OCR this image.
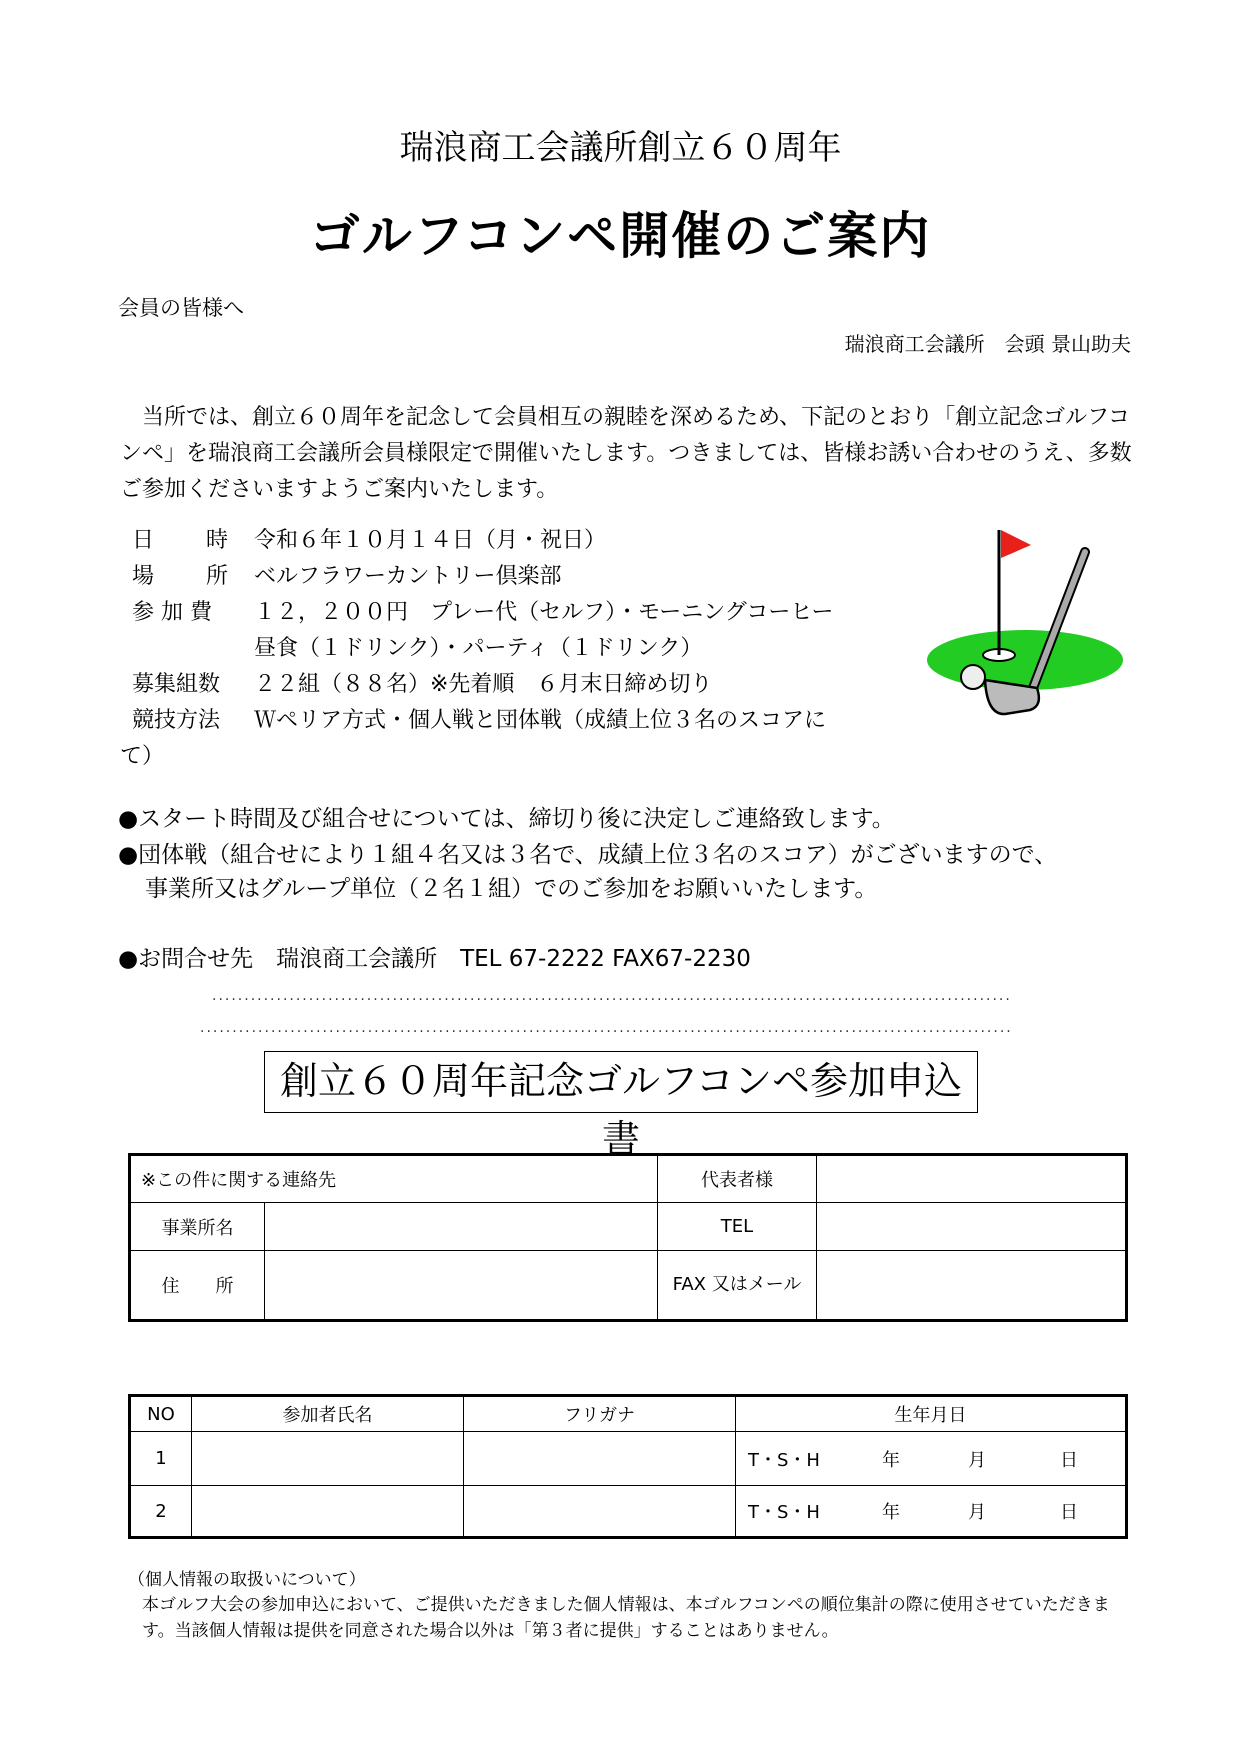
瑞浪商工会議所創立６０周年
ゴルフコンペ開催のご案内
会員の皆様へ
瑞浪商工会議所　会頭 景山助夫
当所では、創立６０周年を記念して会員相互の親睦を深めるため、下記のとおり「創立記念ゴルフコンペ」を瑞浪商工会議所会員様限定で開催いたします。つきましては、皆様お誘い合わせのうえ、多数ご参加くださいますようご案内いたします。
日 時 令和６年１０月１４日（月・祝日）
場 所 ベルフラワーカントリー倶楽部
参 加 費 １２，２００円　プレー代（セルフ）・モーニングコーヒー
昼食（１ドリンク）・パーティ（１ドリンク）
募集組数 ２２組（８８名）※先着順　６月末日締め切り
競技方法 Ｗペリア方式・個人戦と団体戦（成績上位３名のスコアに
て）
●スタート時間及び組合せについては、締切り後に決定しご連絡致します。
●団体戦（組合せにより１組４名又は３名で、成績上位３名のスコア）がございますので、
事業所又はグループ単位（２名１組）でのご参加をお願いいたします。
●お問合せ先　瑞浪商工会議所　TEL 67-2222 FAX67-2230
............................................................................................................................
..............................................................................................................................
創立６０周年記念ゴルフコンペ参加申込書
※この件に関する連絡先		代表者様	
事業所名		TEL	
住　　所		FAX 又はメール	
NO	参加者氏名	フリガナ	生年月日
1			T・S・H 年 月 日
2			T・S・H 年 月 日
（個人情報の取扱いについて）
本ゴルフ大会の参加申込において、ご提供いただきました個人情報は、本ゴルフコンペの順位集計の際に使用させていただきます。当該個人情報は提供を同意された場合以外は「第３者に提供」することはありません。
